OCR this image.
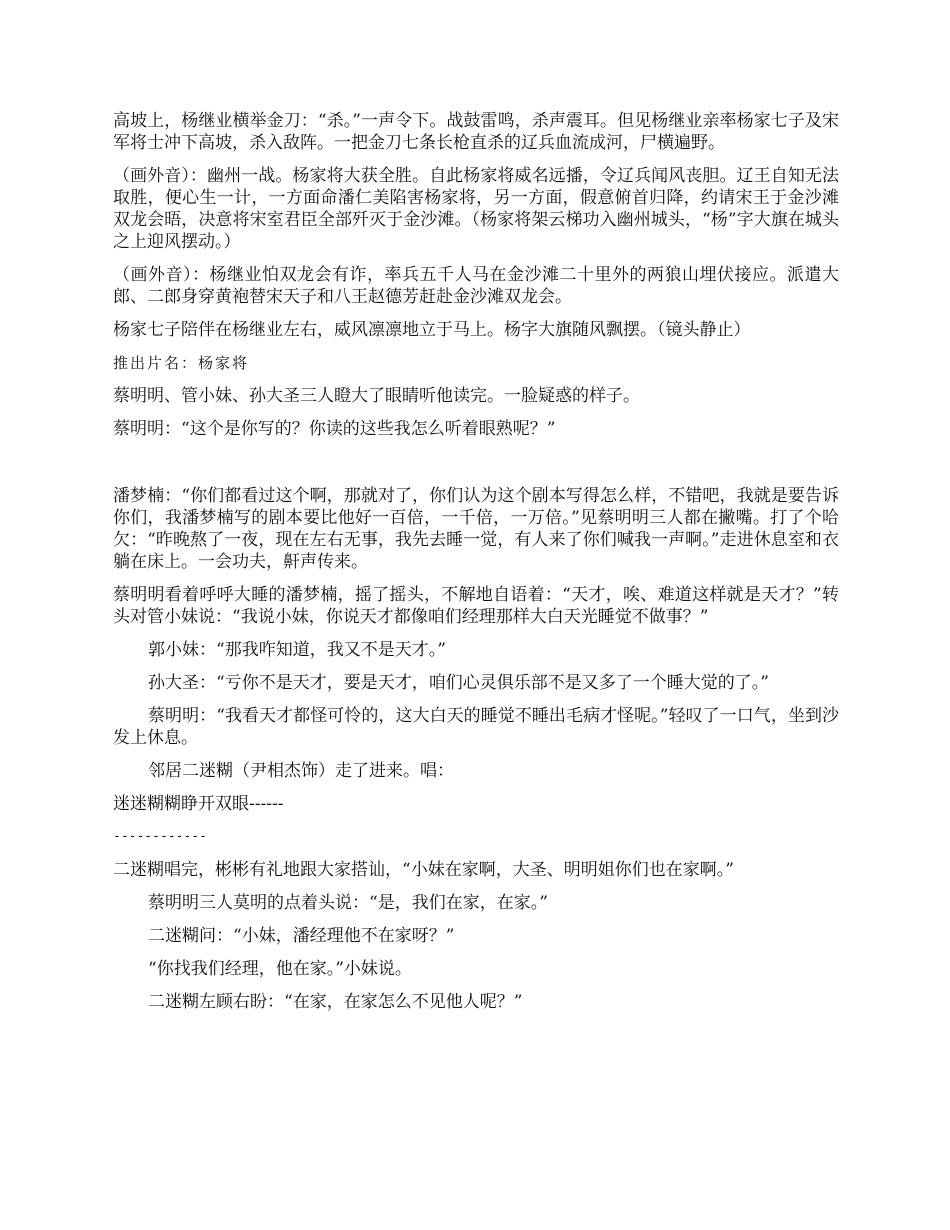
高坡上，杨继业横举金刀：“杀。”一声令下。战鼓雷鸣，杀声震耳。但见杨继业亲率杨家七子及宋军将士冲下高坡，杀入敌阵。一把金刀七条长枪直杀的辽兵血流成河，尸横遍野。

（画外音）：幽州一战。杨家将大获全胜。自此杨家将威名远播，令辽兵闻风丧胆。辽王自知无法取胜，便心生一计，一方面命潘仁美陷害杨家将，另一方面，假意俯首归降，约请宋王于金沙滩双龙会晤，决意将宋室君臣全部歼灭于金沙滩。（杨家将架云梯功入幽州城头，“杨”字大旗在城头之上迎风摆动。）

（画外音）：杨继业怕双龙会有诈，率兵五千人马在金沙滩二十里外的两狼山埋伏接应。派遣大郎、二郎身穿黄袍替宋天子和八王赵德芳赶赴金沙滩双龙会。

杨家七子陪伴在杨继业左右，威风凛凛地立于马上。杨字大旗随风飘摆。（镜头静止）

推出片名：杨家将

蔡明明、管小妹、孙大圣三人瞪大了眼睛听他读完。一脸疑惑的样子。

蔡明明：“这个是你写的？你读的这些我怎么听着眼熟呢？”

潘梦楠：“你们都看过这个啊，那就对了，你们认为这个剧本写得怎么样，不错吧，我就是要告诉你们，我潘梦楠写的剧本要比他好一百倍，一千倍，一万倍。”见蔡明明三人都在撇嘴。打了个哈欠：“昨晚熬了一夜，现在左右无事，我先去睡一觉，有人来了你们喊我一声啊。”走进休息室和衣躺在床上。一会功夫，鼾声传来。

蔡明明看着呼呼大睡的潘梦楠，摇了摇头，不解地自语着：“天才，唉、难道这样就是天才？”转头对管小妹说：“我说小妹，你说天才都像咱们经理那样大白天光睡觉不做事？”

郭小妹：“那我咋知道，我又不是天才。”

孙大圣：“亏你不是天才，要是天才，咱们心灵俱乐部不是又多了一个睡大觉的了。”

蔡明明：“我看天才都怪可怜的，这大白天的睡觉不睡出毛病才怪呢。”轻叹了一口气，坐到沙发上休息。

邻居二迷糊（尹相杰饰）走了进来。唱：

迷迷糊糊睁开双眼------

------------

二迷糊唱完，彬彬有礼地跟大家搭讪，“小妹在家啊，大圣、明明姐你们也在家啊。”

蔡明明三人莫明的点着头说：“是，我们在家，在家。”

二迷糊问：“小妹，潘经理他不在家呀？”

“你找我们经理，他在家。”小妹说。

二迷糊左顾右盼：“在家，在家怎么不见他人呢？”
